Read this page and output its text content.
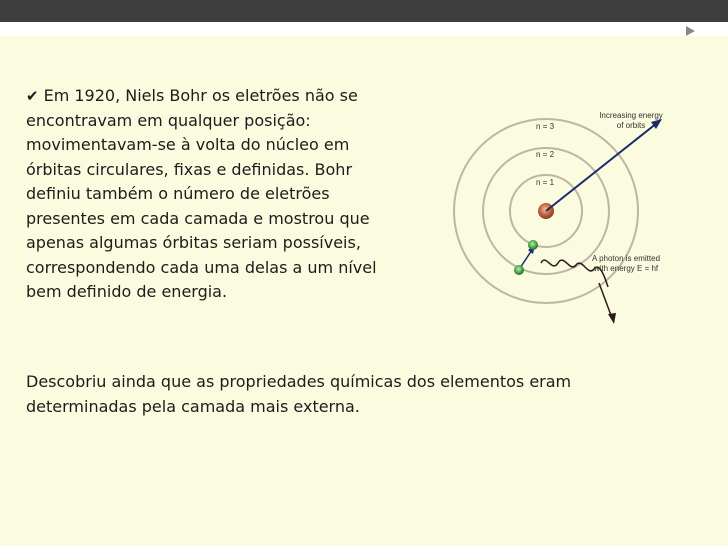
✔ Em 1920, Niels Bohr os eletrões não se
encontravam em qualquer posição:
movimentavam-se à volta do núcleo em
órbitas circulares, fixas e definidas. Bohr
definiu também o número de eletrões
presentes em cada camada e mostrou que
apenas algumas órbitas seriam possíveis,
correspondendo cada uma delas a um nível
bem definido de energia.

Descobriu ainda que as propriedades químicas dos elementos eram
determinadas pela camada mais externa.

n = 3
n = 2
n = 1
Increasing energy
of orbits
A photon is emitted
with energy E = hf
